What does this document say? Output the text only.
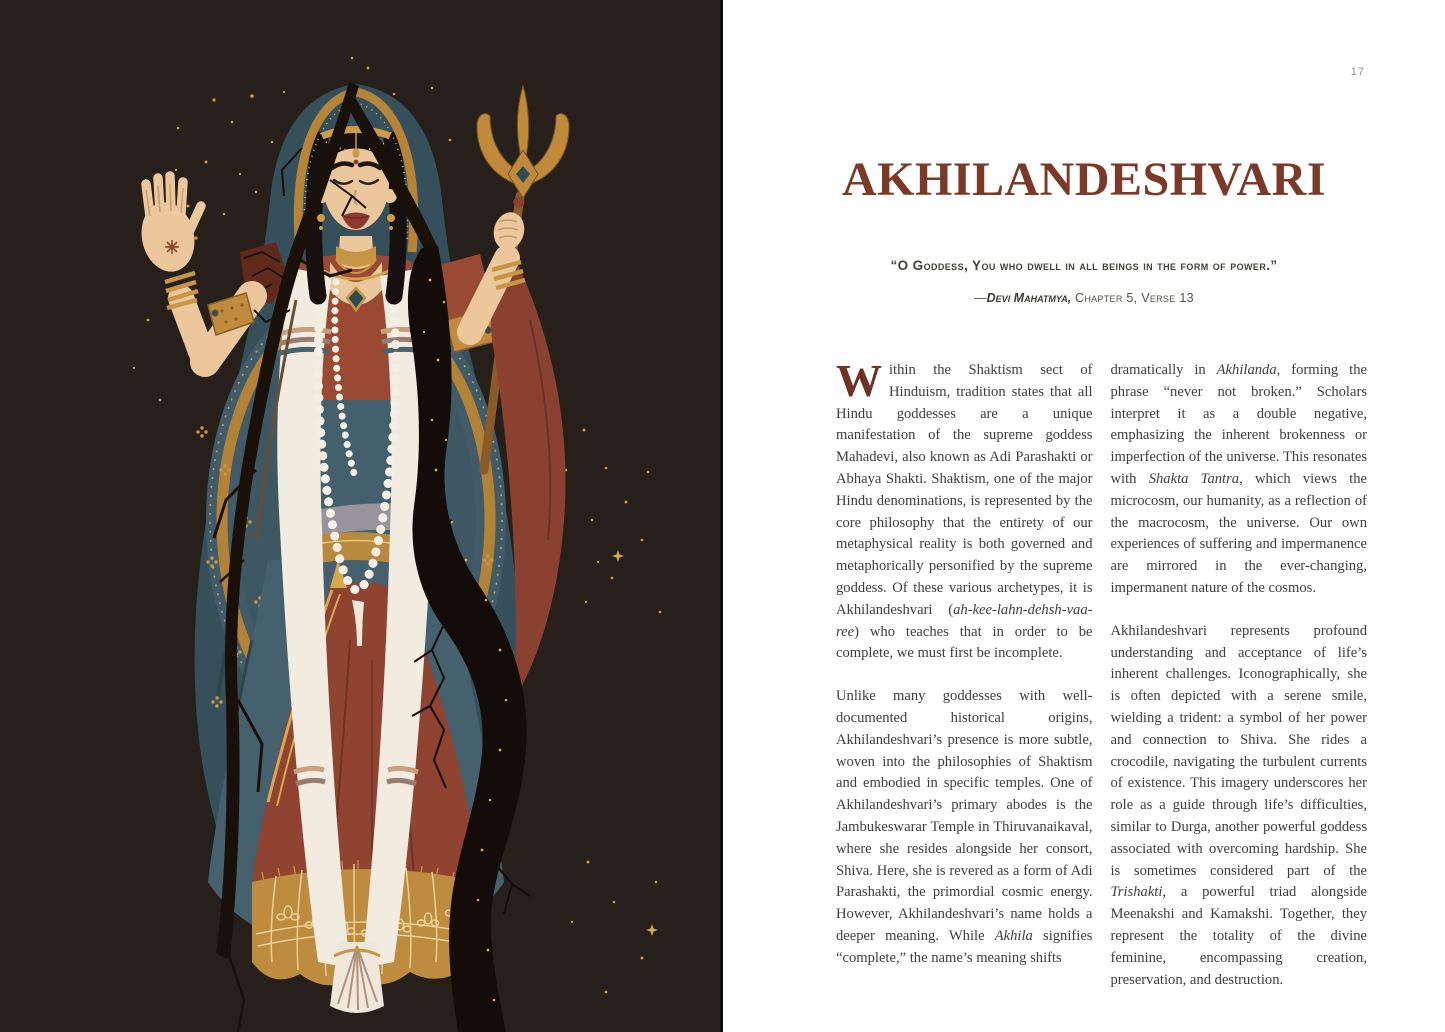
17
AKHILANDESHVARI
“O Goddess, You who dwell in all beings in the form of power.”
—Devi Mahatmya, Chapter 5, Verse 13

Within the Shaktism sect of Hinduism, tradition states that all Hindu goddesses are a unique manifestation of the supreme goddess Mahadevi, also known as Adi Parashakti or Abhaya Shakti. Shaktism, one of the major Hindu denominations, is represented by the core philosophy that the entirety of our metaphysical reality is both governed and metaphorically personified by the supreme goddess. Of these various archetypes, it is Akhilandeshvari (ah-kee-lahn-dehsh-vaa-ree) who teaches that in order to be complete, we must first be incomplete.

Unlike many goddesses with well-documented historical origins, Akhilandeshvari’s presence is more subtle, woven into the philosophies of Shaktism and embodied in specific temples. One of Akhilandeshvari’s primary abodes is the Jambukeswarar Temple in Thiruvanaikaval, where she resides alongside her consort, Shiva. Here, she is revered as a form of Adi Parashakti, the primordial cosmic energy. However, Akhilandeshvari’s name holds a deeper meaning. While Akhila signifies “complete,” the name’s meaning shifts

dramatically in Akhilanda, forming the phrase “never not broken.” Scholars interpret it as a double negative, emphasizing the inherent brokenness or imperfection of the universe. This resonates with Shakta Tantra, which views the microcosm, our humanity, as a reflection of the macrocosm, the universe. Our own experiences of suffering and impermanence are mirrored in the ever-changing, impermanent nature of the cosmos.

Akhilandeshvari represents profound understanding and acceptance of life’s inherent challenges. Iconographically, she is often depicted with a serene smile, wielding a trident: a symbol of her power and connection to Shiva. She rides a crocodile, navigating the turbulent currents of existence. This imagery underscores her role as a guide through life’s difficulties, similar to Durga, another powerful goddess associated with overcoming hardship. She is sometimes considered part of the Trishakti, a powerful triad alongside Meenakshi and Kamakshi. Together, they represent the totality of the divine feminine, encompassing creation, preservation, and destruction.
